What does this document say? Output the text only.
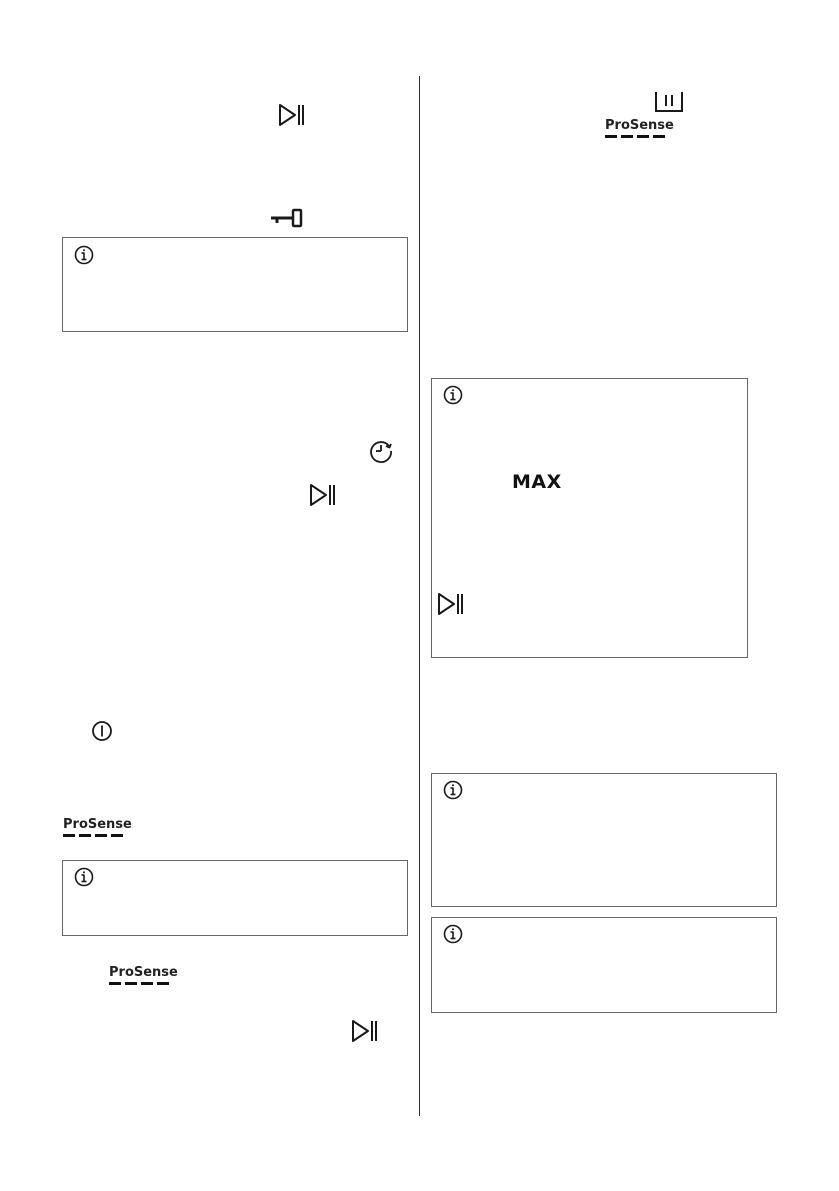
ProSense
ProSense
ProSense
MAX
